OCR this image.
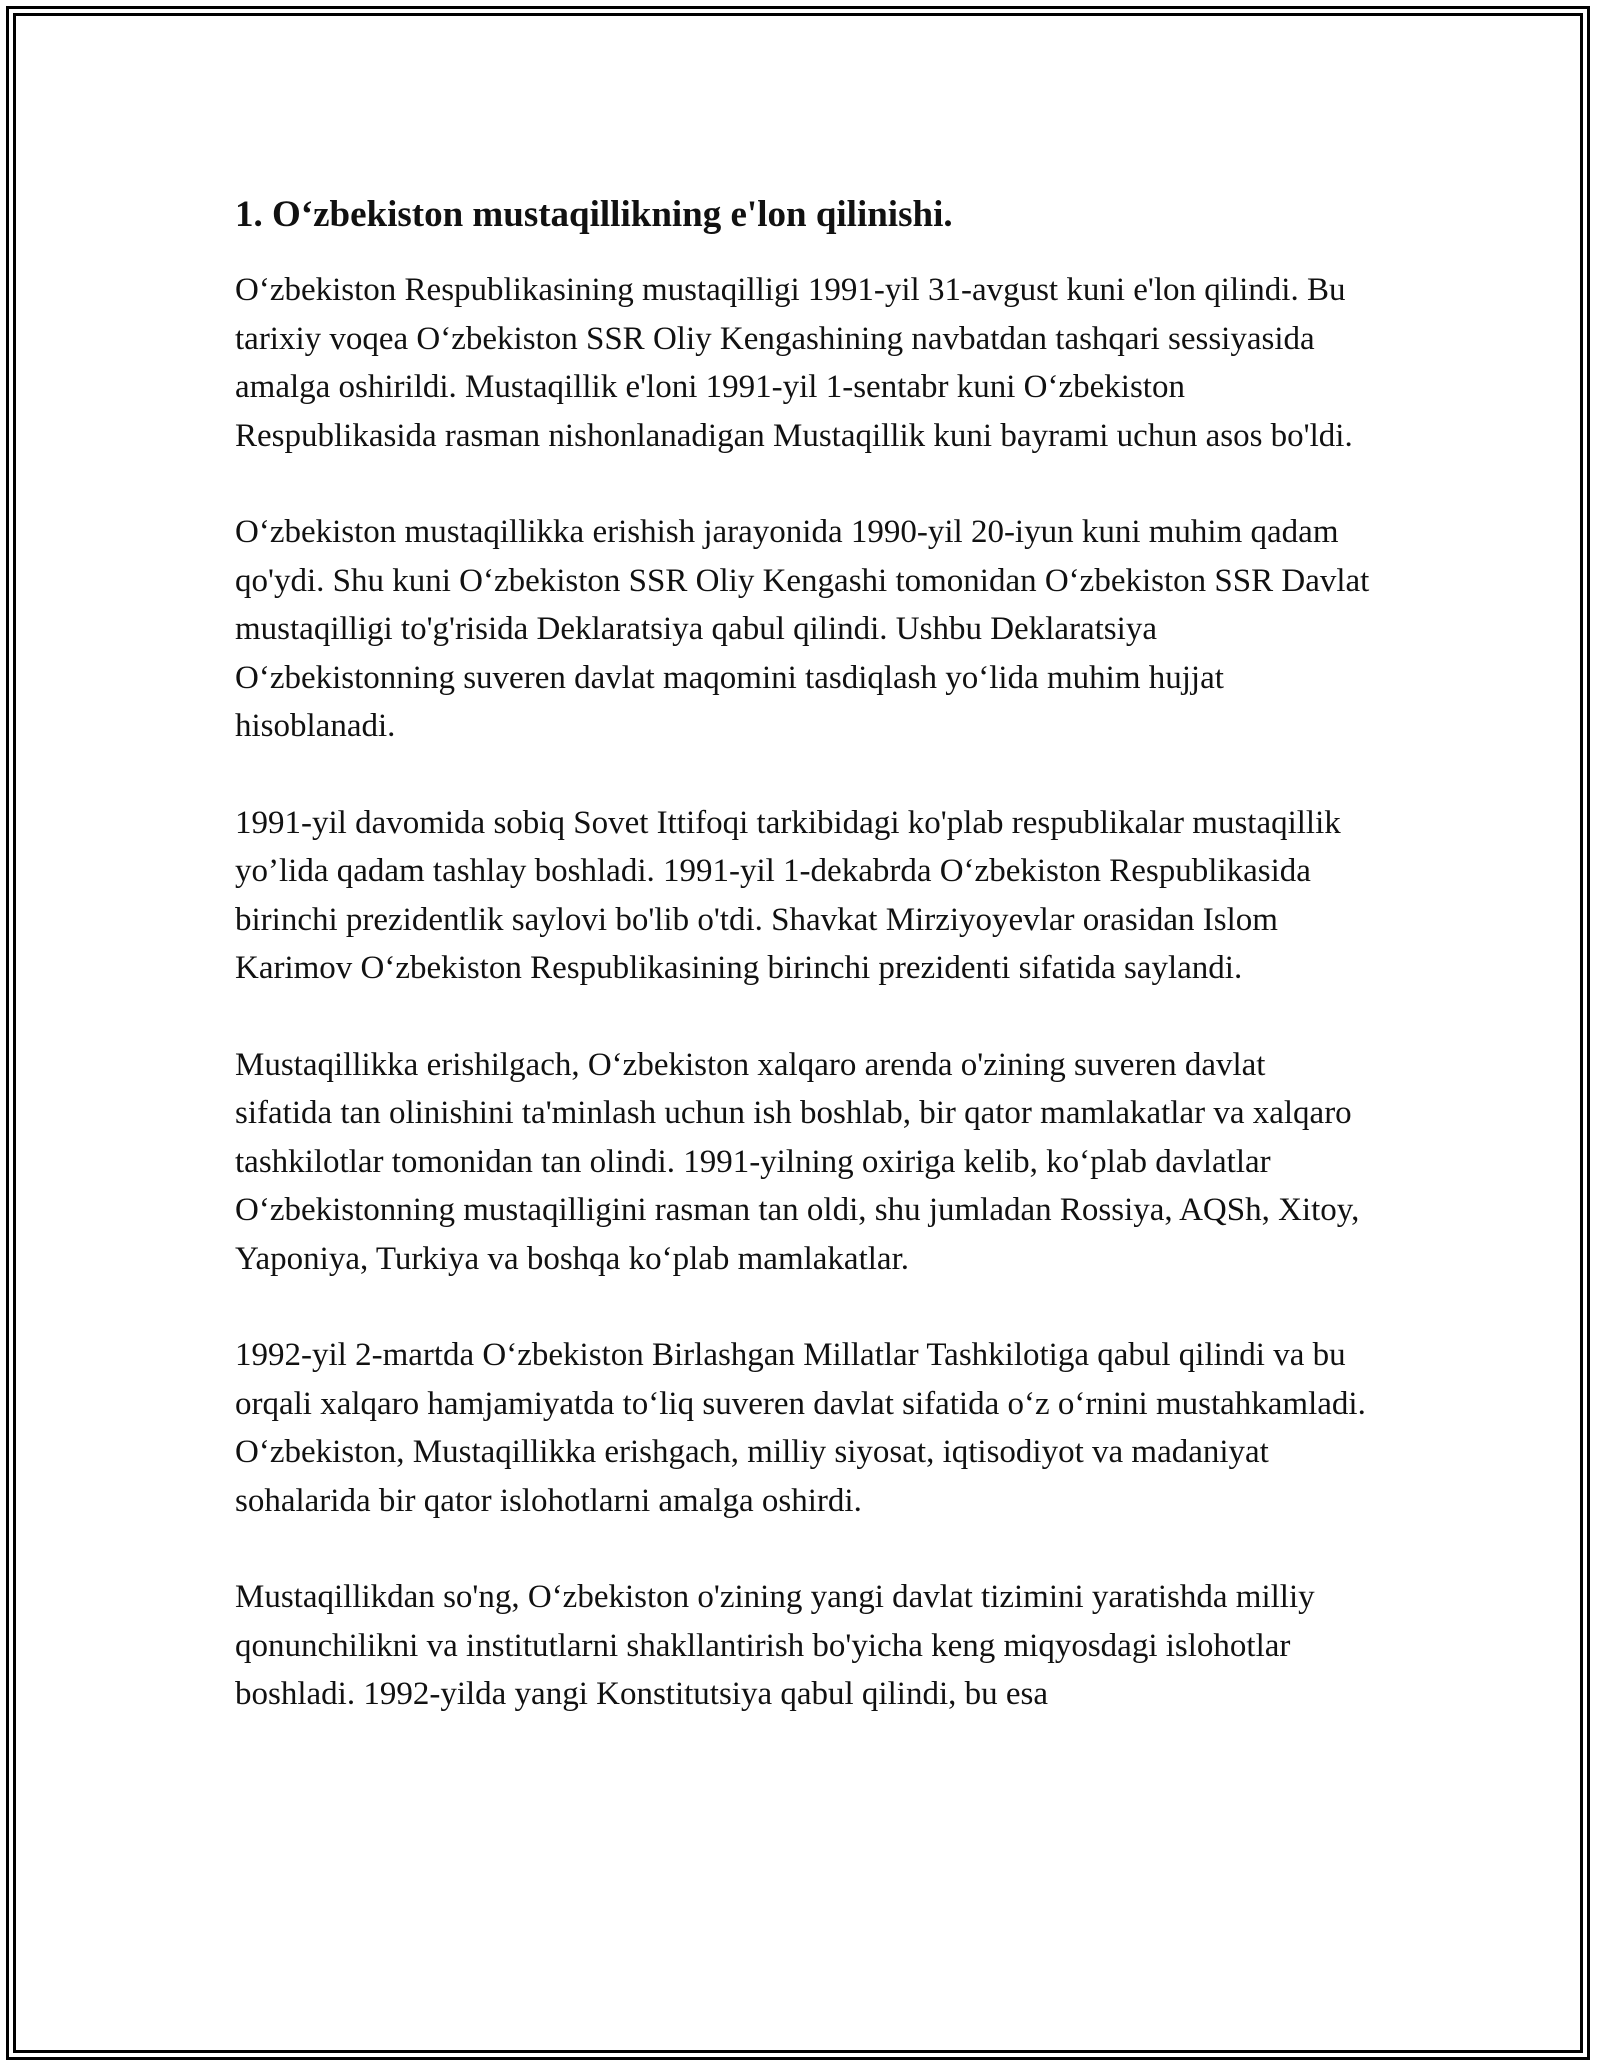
1. O‘zbekiston mustaqillikning e'lon qilinishi.

O‘zbekiston Respublikasining mustaqilligi 1991-yil 31-avgust kuni e'lon qilindi. Bu tarixiy voqea O‘zbekiston SSR Oliy Kengashining navbatdan tashqari sessiyasida amalga oshirildi. Mustaqillik e'loni 1991-yil 1-sentabr kuni O‘zbekiston Respublikasida rasman nishonlanadigan Mustaqillik kuni bayrami uchun asos bo'ldi.

O‘zbekiston mustaqillikka erishish jarayonida 1990-yil 20-iyun kuni muhim qadam qo'ydi. Shu kuni O‘zbekiston SSR Oliy Kengashi tomonidan O‘zbekiston SSR Davlat mustaqilligi to'g'risida Deklaratsiya qabul qilindi. Ushbu Deklaratsiya O‘zbekistonning suveren davlat maqomini tasdiqlash yo‘lida muhim hujjat hisoblanadi.

1991-yil davomida sobiq Sovet Ittifoqi tarkibidagi ko'plab respublikalar mustaqillik yo’lida qadam tashlay boshladi. 1991-yil 1-dekabrda O‘zbekiston Respublikasida birinchi prezidentlik saylovi bo'lib o'tdi. Shavkat Mirziyoyevlar orasidan Islom Karimov O‘zbekiston Respublikasining birinchi prezidenti sifatida saylandi.

Mustaqillikka erishilgach, O‘zbekiston xalqaro arenda o'zining suveren davlat sifatida tan olinishini ta'minlash uchun ish boshlab, bir qator mamlakatlar va xalqaro tashkilotlar tomonidan tan olindi. 1991-yilning oxiriga kelib, ko‘plab davlatlar O‘zbekistonning mustaqilligini rasman tan oldi, shu jumladan Rossiya, AQSh, Xitoy, Yaponiya, Turkiya va boshqa ko‘plab mamlakatlar.

1992-yil 2-martda O‘zbekiston Birlashgan Millatlar Tashkilotiga qabul qilindi va bu orqali xalqaro hamjamiyatda to‘liq suveren davlat sifatida o‘z o‘rnini mustahkamladi. O‘zbekiston, Mustaqillikka erishgach, milliy siyosat, iqtisodiyot va madaniyat sohalarida bir qator islohotlarni amalga oshirdi.

Mustaqillikdan so'ng, O‘zbekiston o'zining yangi davlat tizimini yaratishda milliy qonunchilikni va institutlarni shakllantirish bo'yicha keng miqyosdagi islohotlar boshladi. 1992-yilda yangi Konstitutsiya qabul qilindi, bu esa
